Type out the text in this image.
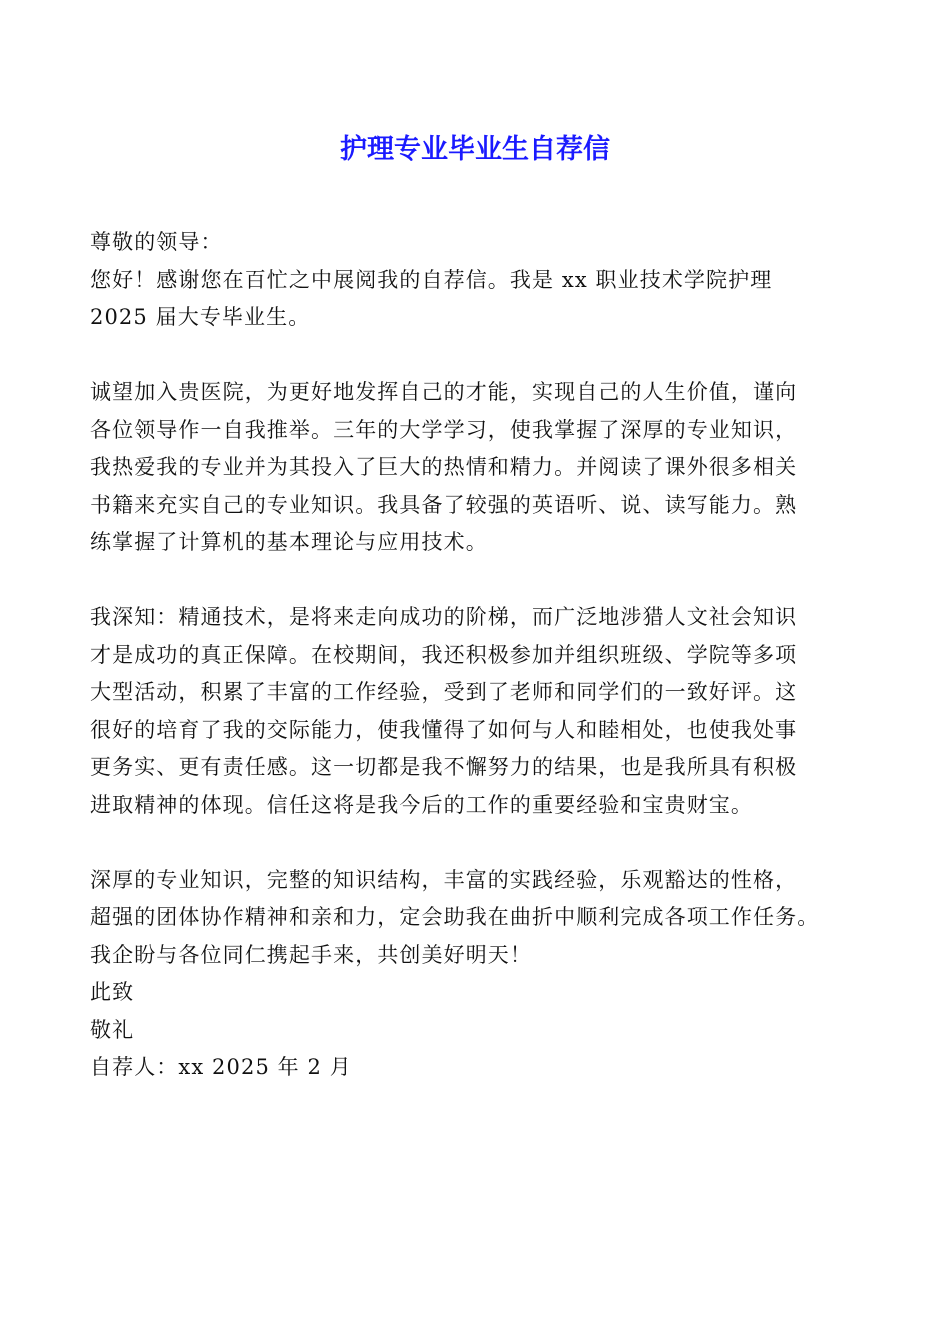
护理专业毕业生自荐信
尊敬的领导：
您好！感谢您在百忙之中展阅我的自荐信。我是 xx 职业技术学院护理
2025 届大专毕业生。
诚望加入贵医院，为更好地发挥自己的才能，实现自己的人生价值，谨向
各位领导作一自我推举。三年的大学学习，使我掌握了深厚的专业知识，
我热爱我的专业并为其投入了巨大的热情和精力。并阅读了课外很多相关
书籍来充实自己的专业知识。我具备了较强的英语听、说、读写能力。熟
练掌握了计算机的基本理论与应用技术。
我深知：精通技术，是将来走向成功的阶梯，而广泛地涉猎人文社会知识
才是成功的真正保障。在校期间，我还积极参加并组织班级、学院等多项
大型活动，积累了丰富的工作经验，受到了老师和同学们的一致好评。这
很好的培育了我的交际能力，使我懂得了如何与人和睦相处，也使我处事
更务实、更有责任感。这一切都是我不懈努力的结果，也是我所具有积极
进取精神的体现。信任这将是我今后的工作的重要经验和宝贵财宝。
深厚的专业知识，完整的知识结构，丰富的实践经验，乐观豁达的性格，
超强的团体协作精神和亲和力，定会助我在曲折中顺利完成各项工作任务。
我企盼与各位同仁携起手来，共创美好明天！
此致
敬礼
自荐人：xx 2025 年 2 月
